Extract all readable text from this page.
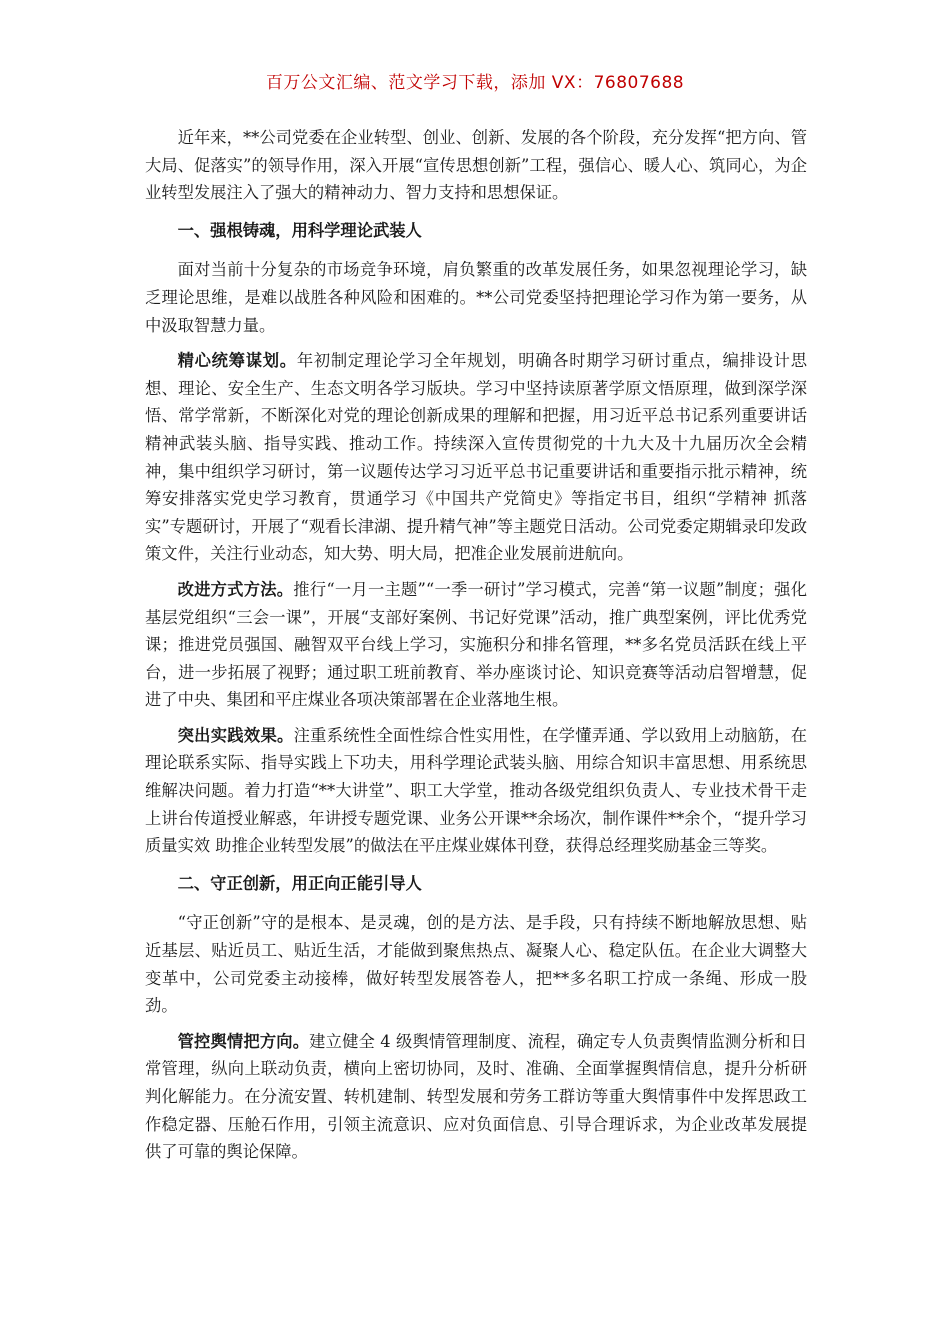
百万公文汇编、范文学习下载，添加 VX：76807688

近年来，**公司党委在企业转型、创业、创新、发展的各个阶段，充分发挥“把方向、管大局、促落实”的领导作用，深入开展“宣传思想创新”工程，强信心、暖人心、筑同心，为企业转型发展注入了强大的精神动力、智力支持和思想保证。

一、强根铸魂，用科学理论武装人

面对当前十分复杂的市场竞争环境，肩负繁重的改革发展任务，如果忽视理论学习，缺乏理论思维，是难以战胜各种风险和困难的。**公司党委坚持把理论学习作为第一要务，从中汲取智慧力量。

精心统筹谋划。年初制定理论学习全年规划，明确各时期学习研讨重点，编排设计思想、理论、安全生产、生态文明各学习版块。学习中坚持读原著学原文悟原理，做到深学深悟、常学常新，不断深化对党的理论创新成果的理解和把握，用习近平总书记系列重要讲话精神武装头脑、指导实践、推动工作。持续深入宣传贯彻党的十九大及十九届历次全会精神，集中组织学习研讨，第一议题传达学习习近平总书记重要讲话和重要指示批示精神，统筹安排落实党史学习教育，贯通学习《中国共产党简史》等指定书目，组织“学精神 抓落实”专题研讨，开展了“观看长津湖、提升精气神”等主题党日活动。公司党委定期辑录印发政策文件，关注行业动态，知大势、明大局，把准企业发展前进航向。

改进方式方法。推行“一月一主题”“一季一研讨”学习模式，完善“第一议题”制度；强化基层党组织“三会一课”，开展“支部好案例、书记好党课”活动，推广典型案例，评比优秀党课；推进党员强国、融智双平台线上学习，实施积分和排名管理，**多名党员活跃在线上平台，进一步拓展了视野；通过职工班前教育、举办座谈讨论、知识竞赛等活动启智增慧，促进了中央、集团和平庄煤业各项决策部署在企业落地生根。

突出实践效果。注重系统性全面性综合性实用性，在学懂弄通、学以致用上动脑筋，在理论联系实际、指导实践上下功夫，用科学理论武装头脑、用综合知识丰富思想、用系统思维解决问题。着力打造“**大讲堂”、职工大学堂，推动各级党组织负责人、专业技术骨干走上讲台传道授业解惑，年讲授专题党课、业务公开课**余场次，制作课件**余个，“提升学习质量实效 助推企业转型发展”的做法在平庄煤业媒体刊登，获得总经理奖励基金三等奖。

二、守正创新，用正向正能引导人

“守正创新”守的是根本、是灵魂，创的是方法、是手段，只有持续不断地解放思想、贴近基层、贴近员工、贴近生活，才能做到聚焦热点、凝聚人心、稳定队伍。在企业大调整大变革中，公司党委主动接棒，做好转型发展答卷人，把**多名职工拧成一条绳、形成一股劲。

管控舆情把方向。建立健全 4 级舆情管理制度、流程，确定专人负责舆情监测分析和日常管理，纵向上联动负责，横向上密切协同，及时、准确、全面掌握舆情信息，提升分析研判化解能力。在分流安置、转机建制、转型发展和劳务工群访等重大舆情事件中发挥思政工作稳定器、压舱石作用，引领主流意识、应对负面信息、引导合理诉求，为企业改革发展提供了可靠的舆论保障。
